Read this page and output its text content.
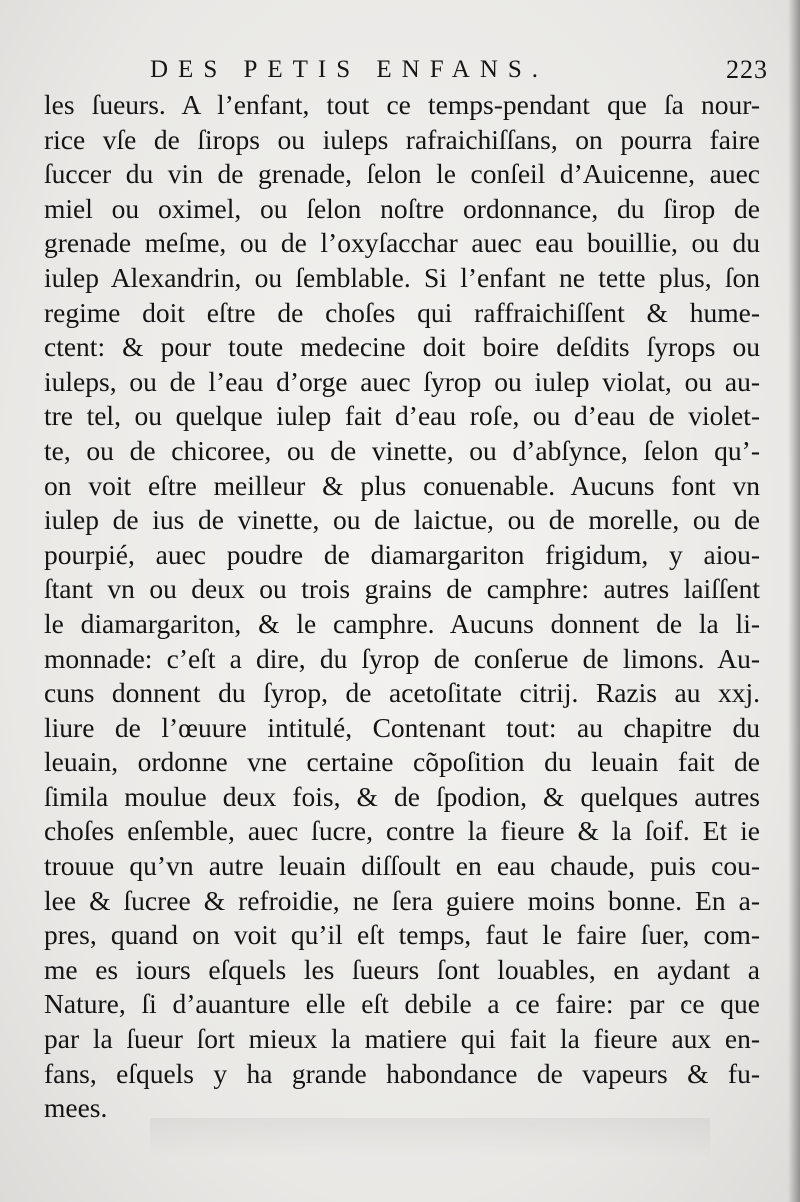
DES PETIS ENFANS.	223
les ſueurs. A l’enfant, tout ce temps-pendant que ſa nour-
rice vſe de ſirops ou iuleps rafraichiſſans, on pourra faire
ſuccer du vin de grenade, ſelon le conſeil d’Auicenne, auec
miel ou oximel, ou ſelon noſtre ordonnance, du ſirop de
grenade meſme, ou de l’oxyſacchar auec eau bouillie, ou du
iulep Alexandrin, ou ſemblable. Si l’enfant ne tette plus, ſon
regime doit eſtre de choſes qui raffraichiſſent & hume-
ctent: & pour toute medecine doit boire deſdits ſyrops ou
iuleps, ou de l’eau d’orge auec ſyrop ou iulep violat, ou au-
tre tel, ou quelque iulep fait d’eau roſe, ou d’eau de violet-
te, ou de chicoree, ou de vinette, ou d’abſynce, ſelon qu’-
on voit eſtre meilleur & plus conuenable. Aucuns font vn
iulep de ius de vinette, ou de laictue, ou de morelle, ou de
pourpié, auec poudre de diamargariton frigidum, y aiou-
ſtant vn ou deux ou trois grains de camphre: autres laiſſent
le diamargariton, & le camphre. Aucuns donnent de la li-
monnade: c’eſt a dire, du ſyrop de conſerue de limons. Au-
cuns donnent du ſyrop, de acetoſitate citrij. Razis au xxj.
liure de l’œuure intitulé, Contenant tout: au chapitre du
leuain, ordonne vne certaine cõpoſition du leuain fait de
ſimila moulue deux fois, & de ſpodion, & quelques autres
choſes enſemble, auec ſucre, contre la fieure & la ſoif. Et ie
trouue qu’vn autre leuain diſſoult en eau chaude, puis cou-
lee & ſucree & refroidie, ne ſera guiere moins bonne. En a-
pres, quand on voit qu’il eſt temps, faut le faire ſuer, com-
me es iours eſquels les ſueurs ſont louables, en aydant a
Nature, ſi d’auanture elle eſt debile a ce faire: par ce que
par la ſueur ſort mieux la matiere qui fait la fieure aux en-
fans, eſquels y ha grande habondance de vapeurs & fu-
mees.
